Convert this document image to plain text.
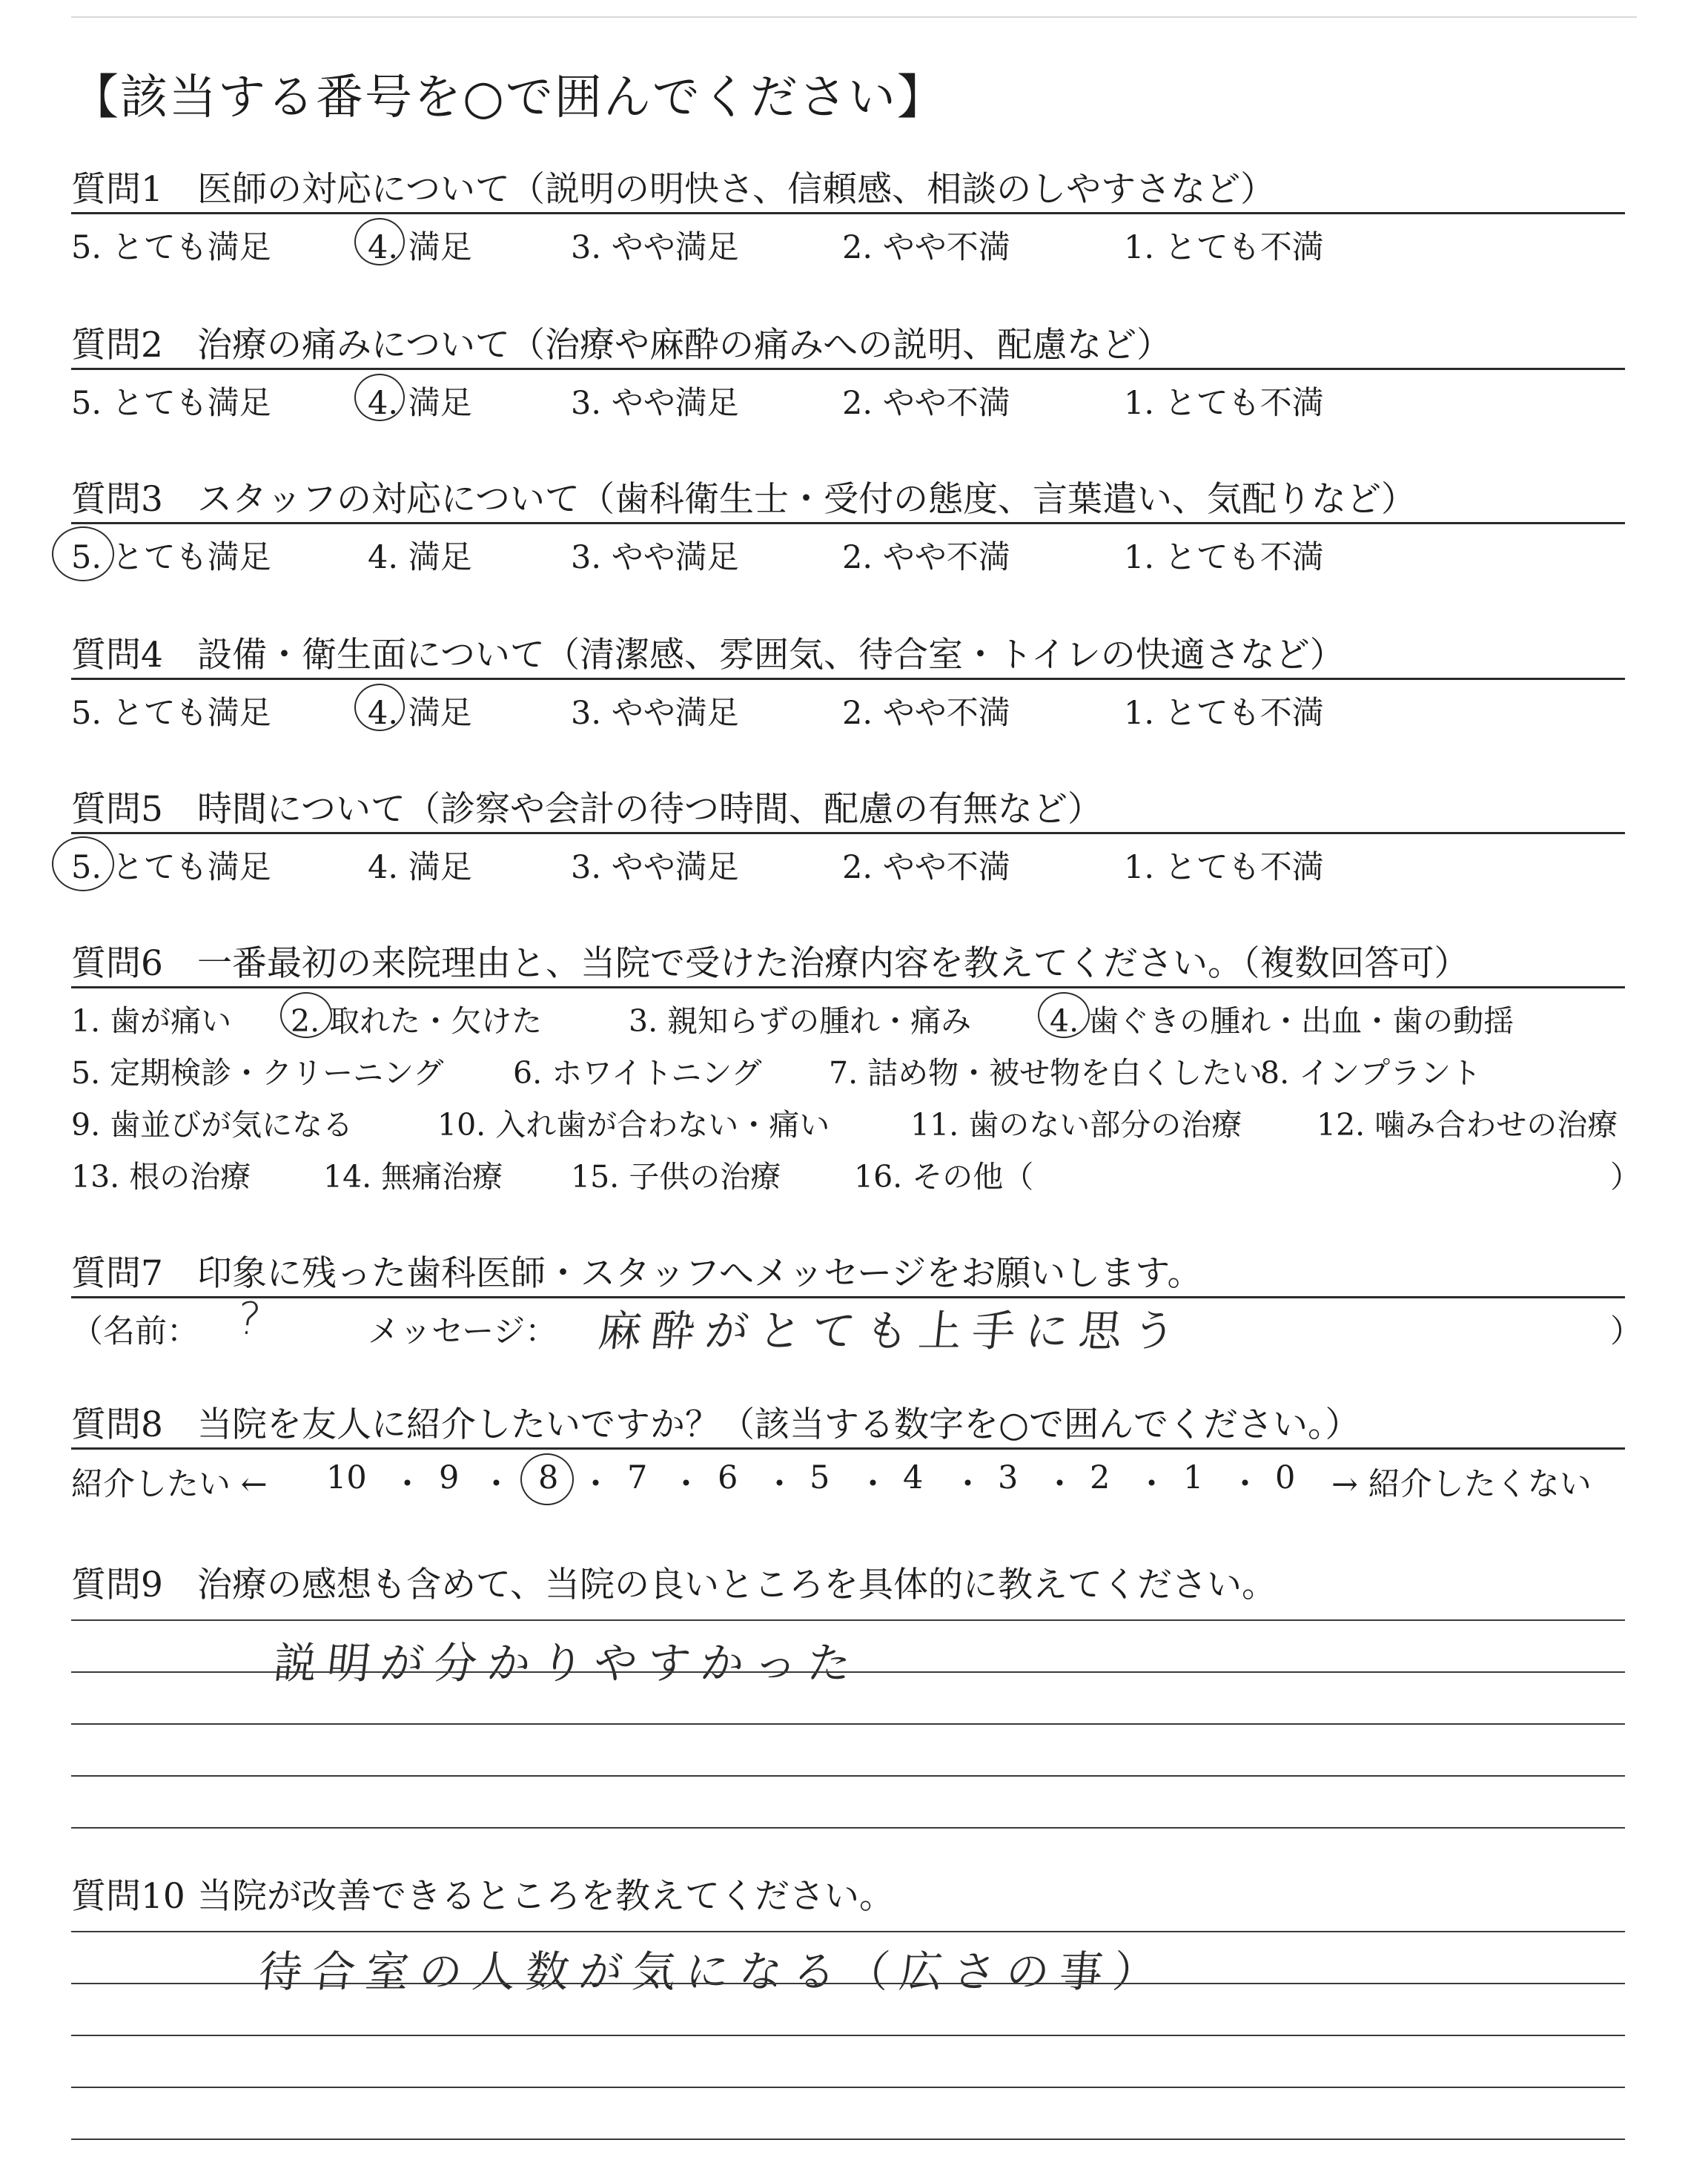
【該当する番号を○で囲んでください】
質問1 医師の対応について（説明の明快さ、信頼感、相談のしやすさなど）
5. とても満足	4. 満足	3. やや満足	2. やや不満	1. とても不満
質問2 治療の痛みについて（治療や麻酔の痛みへの説明、配慮など）
5. とても満足	4. 満足	3. やや満足	2. やや不満	1. とても不満
質問3 スタッフの対応について（歯科衛生士・受付の態度、言葉遣い、気配りなど）
5. とても満足	4. 満足	3. やや満足	2. やや不満	1. とても不満
質問4 設備・衛生面について（清潔感、雰囲気、待合室・トイレの快適さなど）
5. とても満足	4. 満足	3. やや満足	2. やや不満	1. とても不満
質問5 時間について（診察や会計の待つ時間、配慮の有無など）
5. とても満足	4. 満足	3. やや満足	2. やや不満	1. とても不満
質問6 一番最初の来院理由と、当院で受けた治療内容を教えてください。（複数回答可）
1. 歯が痛い 2. 取れた・欠けた	3. 親知らずの腫れ・痛み	4. 歯ぐきの腫れ・出血・歯の動揺
5. 定期検診・クリーニング 6. ホワイトニング 7. 詰め物・被せ物を白くしたい
8. インプラント
9. 歯並びが気になる	10. 入れ歯が合わない・痛い	11. 歯のない部分の治療 12. 噛み合わせの治療
13. 根の治療 14. 無痛治療 15. 子供の治療 16. その他（	）
質問7 印象に残った歯科医師・スタッフへメッセージをお願いします。
（名前： ?	メッセージ： 麻酔がとても上手に思う	）
質問8 当院を友人に紹介したいですか？（該当する数字を○で囲んでください。）
紹介したい ← 10 ・ 9 ・ 8 ・ 7 ・ 6 ・ 5 ・ 4 ・ 3 ・ 2 ・ 1 ・ 0 → 紹介したくない
質問9 治療の感想も含めて、当院の良いところを具体的に教えてください。
説明が分かりやすかった
質問10 当院が改善できるところを教えてください。
待合室の人数が気になる（広さの事）
